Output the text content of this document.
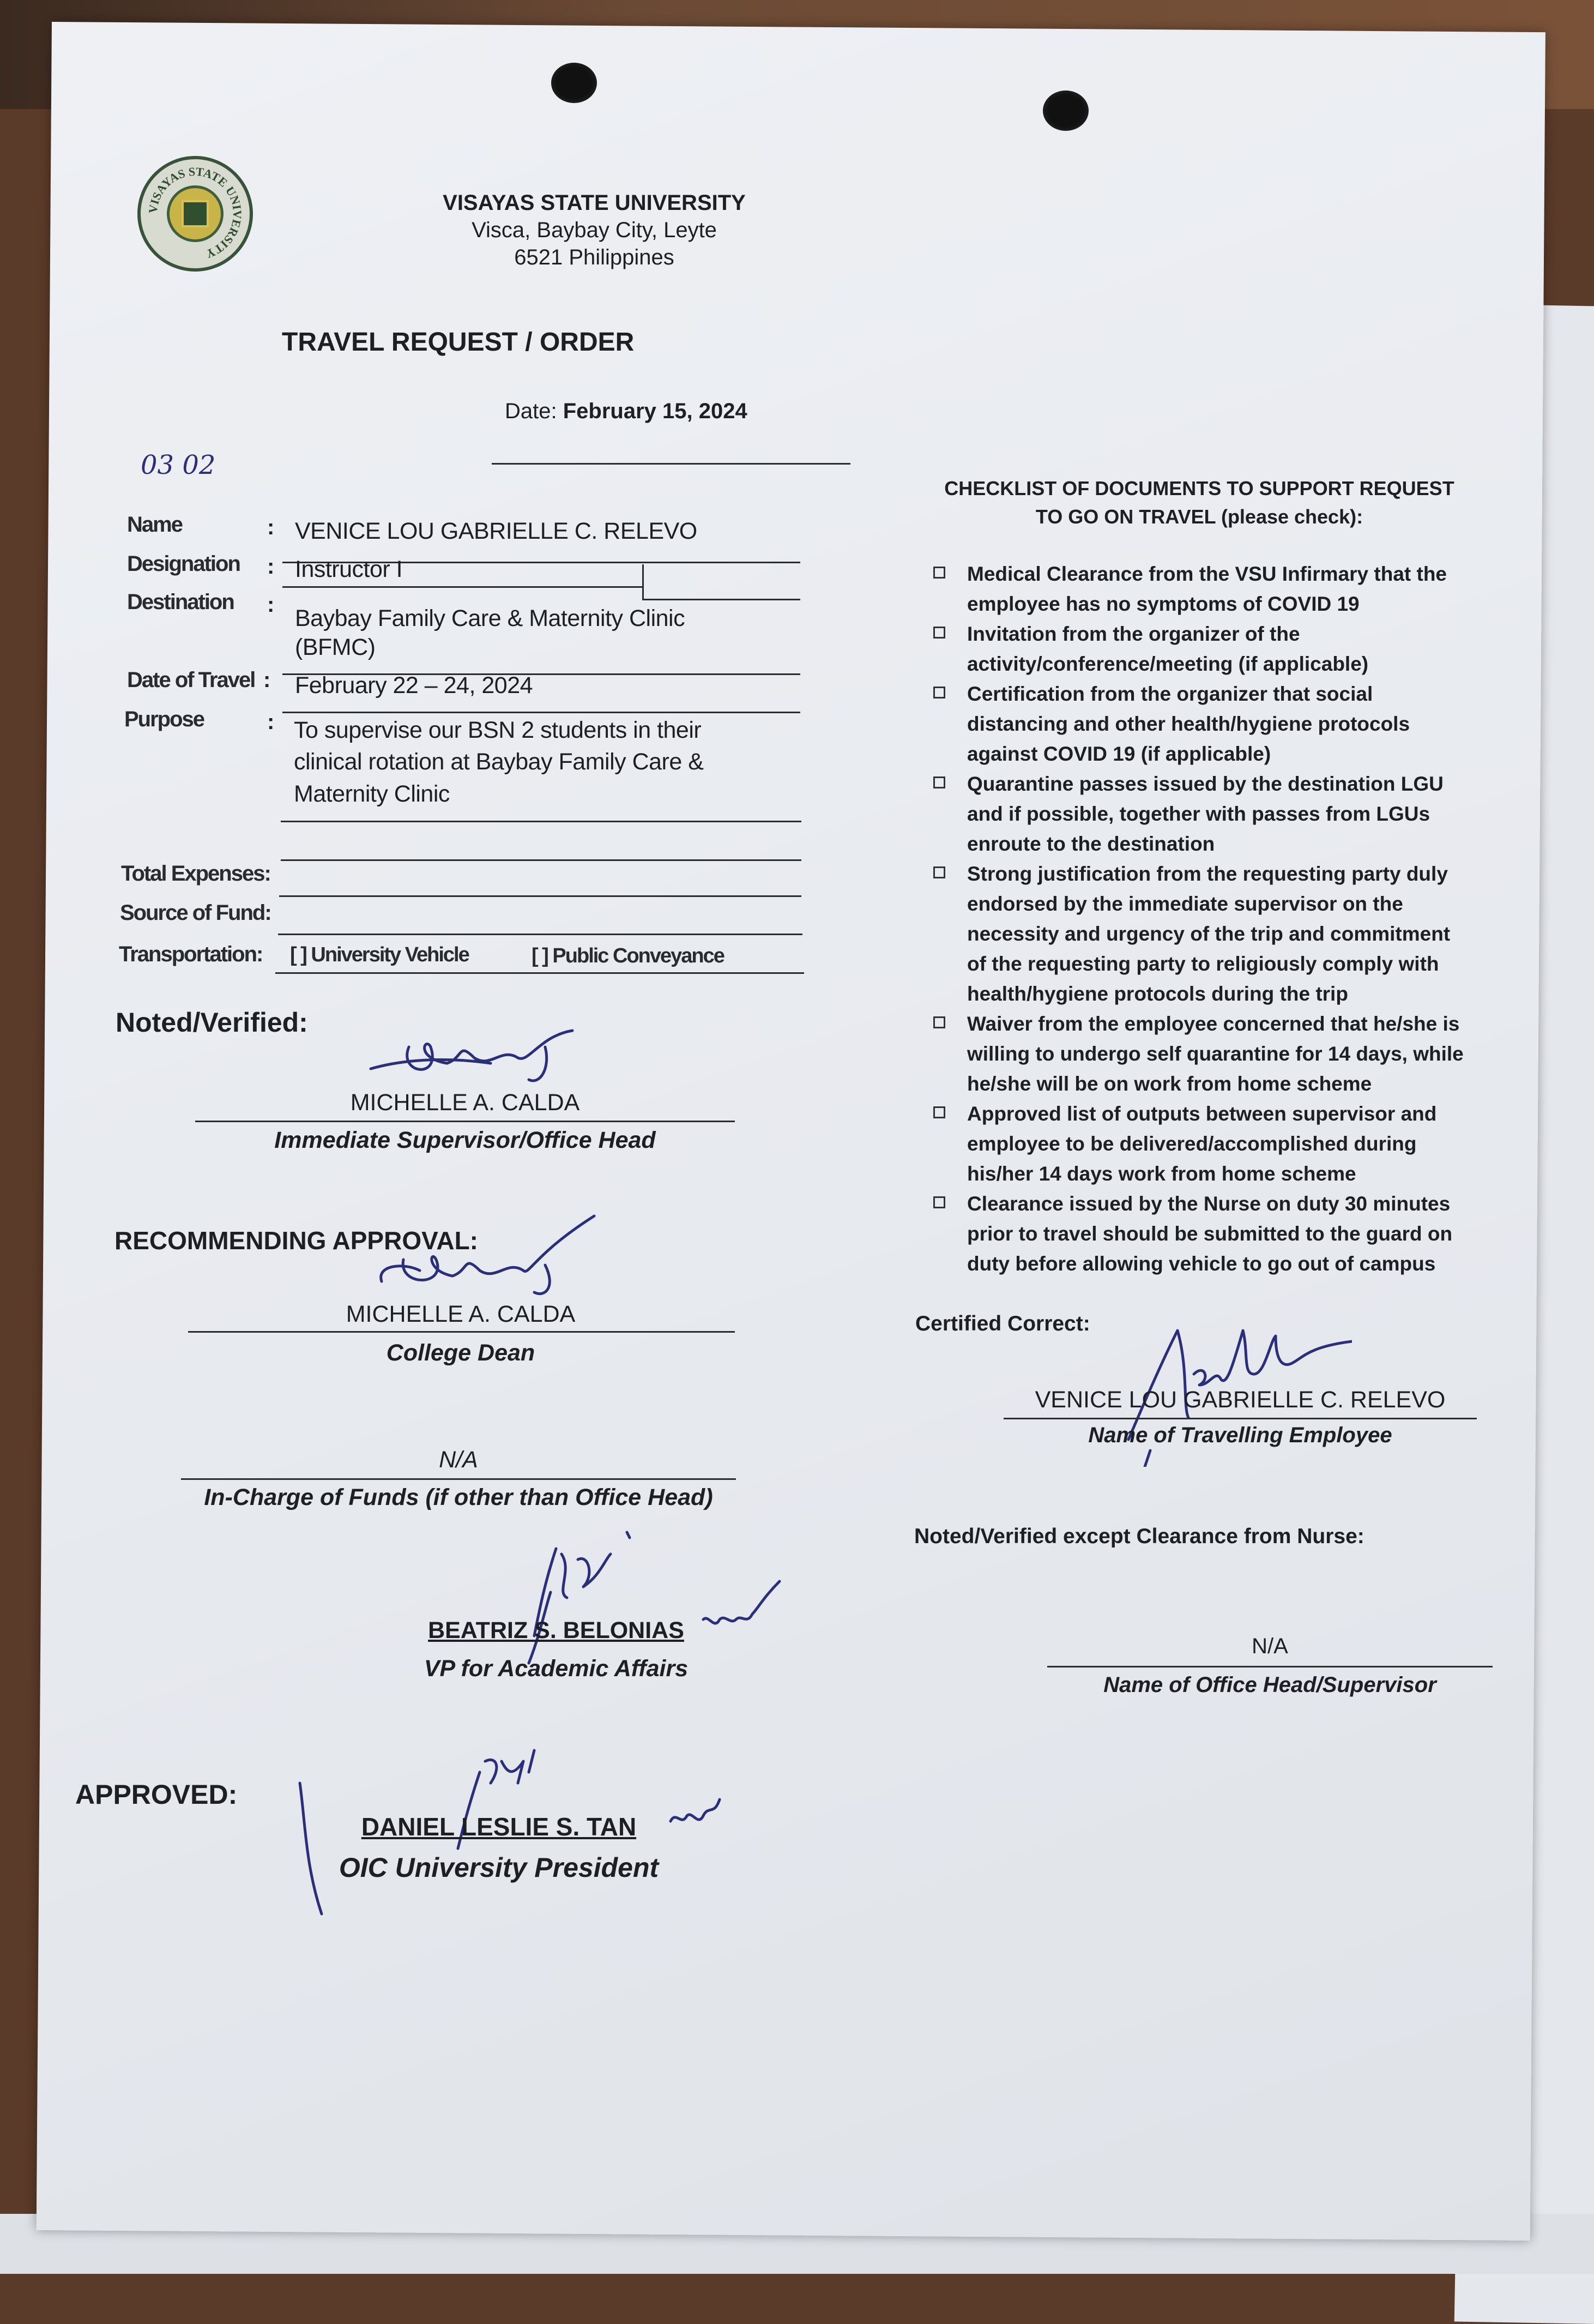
VISAYAS STATE UNIVERSITY
VISAYAS STATE UNIVERSITY
Visca, Baybay City, Leyte
6521 Philippines
TRAVEL REQUEST / ORDER
Date: February 15, 2024
03 02
Name	: VENICE LOU GABRIELLE C. RELEVO
Designation : Instructor I
Destination :
Baybay Family Care & Maternity Clinic
(BFMC)
Date of Travel : February 22 – 24, 2024
Purpose	: To supervise our BSN 2 students in their
clinical rotation at Baybay Family Care &
Maternity Clinic
Total Expenses:
Source of Fund:
Transportation: [ ] University Vehicle	[ ] Public Conveyance
Noted/Verified:
MICHELLE A. CALDA
Immediate Supervisor/Office Head
RECOMMENDING APPROVAL:
MICHELLE A. CALDA
College Dean
N/A
In-Charge of Funds (if other than Office Head)
BEATRIZ S. BELONIAS
VP for Academic Affairs
APPROVED:
DANIEL LESLIE S. TAN
OIC University President
CHECKLIST OF DOCUMENTS TO SUPPORT REQUEST
TO GO ON TRAVEL (please check):
Medical Clearance from the VSU Infirmary that the
employee has no symptoms of COVID 19
Invitation from the organizer of the
activity/conference/meeting (if applicable)
Certification from the organizer that social
distancing and other health/hygiene protocols
against COVID 19 (if applicable)
Quarantine passes issued by the destination LGU
and if possible, together with passes from LGUs
enroute to the destination
Strong justification from the requesting party duly
endorsed by the immediate supervisor on the
necessity and urgency of the trip and commitment
of the requesting party to religiously comply with
health/hygiene protocols during the trip
Waiver from the employee concerned that he/she is
willing to undergo self quarantine for 14 days, while
he/she will be on work from home scheme
Approved list of outputs between supervisor and
employee to be delivered/accomplished during
his/her 14 days work from home scheme
Clearance issued by the Nurse on duty 30 minutes
prior to travel should be submitted to the guard on
duty before allowing vehicle to go out of campus
Certified Correct:
VENICE LOU GABRIELLE C. RELEVO
Name of Travelling Employee
Noted/Verified except Clearance from Nurse:
N/A
Name of Office Head/Supervisor
